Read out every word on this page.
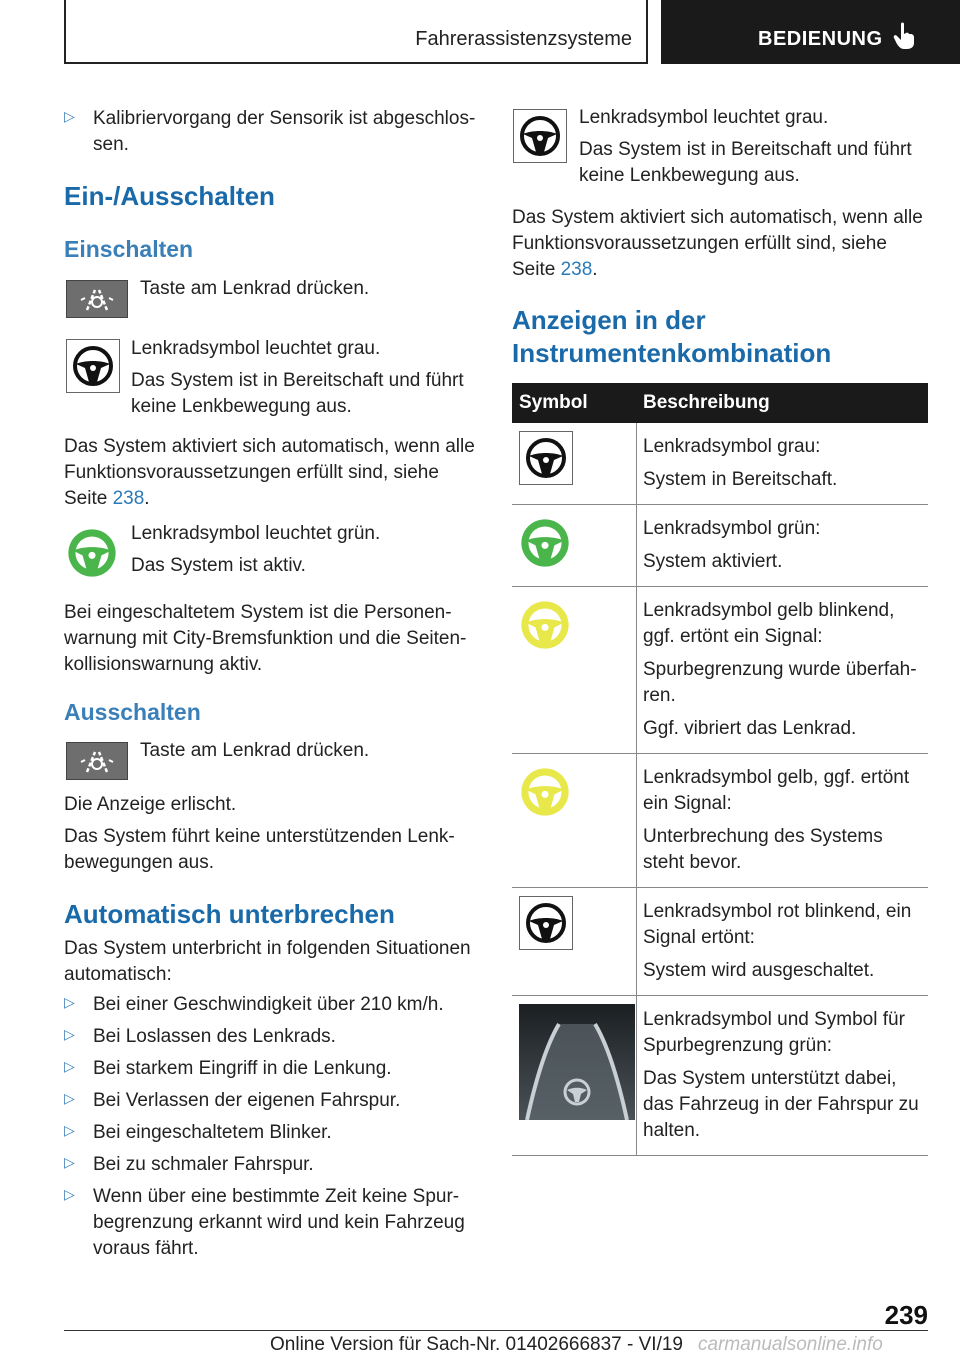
Fahrerassistenzsysteme	BEDIENUNG
▷ Kalibriervorgang der Sensorik ist abgeschlos-sen.

Ein-/Ausschalten
Einschalten

Taste am Lenkrad drücken.

Lenkradsymbol leuchtet grau.

Das System ist in Bereitschaft und führt keine Lenkbewegung aus.

Das System aktiviert sich automatisch, wenn alle Funktionsvoraussetzungen erfüllt sind, siehe Seite 238.

Lenkradsymbol leuchtet grün.

Das System ist aktiv.

Bei eingeschaltetem System ist die Personen-warnung mit City-Bremsfunktion und die Seiten-kollisionswarnung aktiv.

Ausschalten

Taste am Lenkrad drücken.

Die Anzeige erlischt.

Das System führt keine unterstützenden Lenk-bewegungen aus.

Automatisch unterbrechen

Das System unterbricht in folgenden Situationen automatisch:

▷ Bei einer Geschwindigkeit über 210 km/h.

▷ Bei Loslassen des Lenkrads.

▷ Bei starkem Eingriff in die Lenkung.

▷ Bei Verlassen der eigenen Fahrspur.

▷ Bei eingeschaltetem Blinker.

▷ Bei zu schmaler Fahrspur.

▷ Wenn über eine bestimmte Zeit keine Spur-begrenzung erkannt wird und kein Fahrzeug voraus fährt.

Lenkradsymbol leuchtet grau.

Das System ist in Bereitschaft und führt keine Lenkbewegung aus.

Das System aktiviert sich automatisch, wenn alle Funktionsvoraussetzungen erfüllt sind, siehe Seite 238.

Anzeigen in der Instrumentenkombination
Symbol	Beschreibung

Lenkradsymbol grau:

System in Bereitschaft.

Lenkradsymbol grün:

System aktiviert.

Lenkradsymbol gelb blinkend, ggf. ertönt ein Signal:

Spurbegrenzung wurde überfah-ren.

Ggf. vibriert das Lenkrad.

Lenkradsymbol gelb, ggf. ertönt ein Signal:

Unterbrechung des Systems steht bevor.

Lenkradsymbol rot blinkend, ein Signal ertönt:

System wird ausgeschaltet.

Lenkradsymbol und Symbol für Spurbegrenzung grün:

Das System unterstützt dabei, das Fahrzeug in der Fahrspur zu halten.

239
Online Version für Sach-Nr. 01402666837 - VI/19 carmanualsonline.info
